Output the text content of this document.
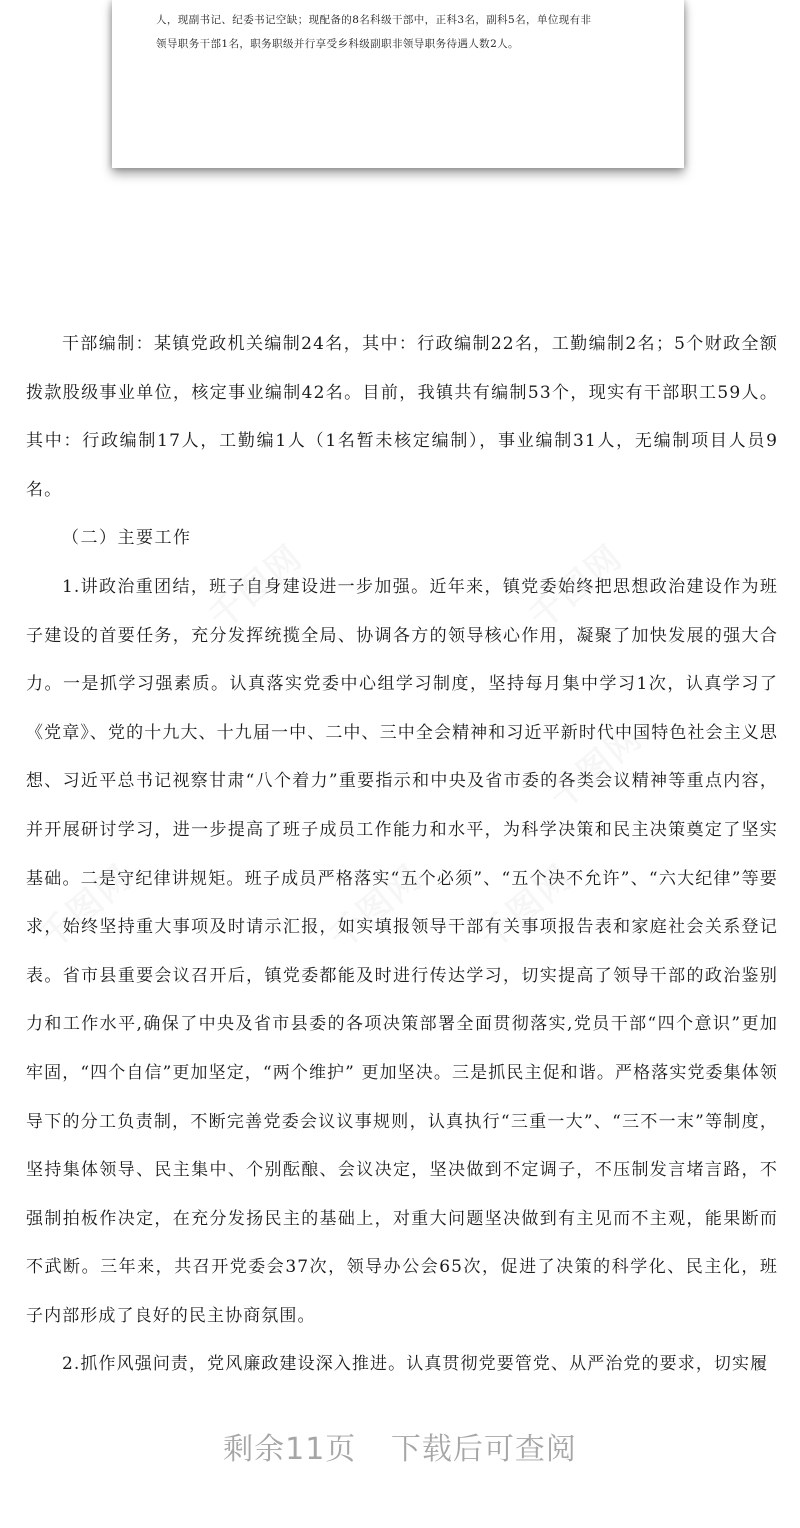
人，现副书记、纪委书记空缺；现配备的8名科级干部中，正科3名，副科5名，单位现有非
领导职务干部1名，职务职级并行享受乡科级副职非领导职务待遇人数2人。

干部编制：某镇党政机关编制24名，其中：行政编制22名，工勤编制2名；5个财政全额拨款股级事业单位，核定事业编制42名。目前，我镇共有编制53个，现实有干部职工59人。其中：行政编制17人，工勤编1人（1名暂未核定编制），事业编制31人，无编制项目人员9名。

（二）主要工作

1.讲政治重团结，班子自身建设进一步加强。近年来，镇党委始终把思想政治建设作为班子建设的首要任务，充分发挥统揽全局、协调各方的领导核心作用，凝聚了加快发展的强大合力。一是抓学习强素质。认真落实党委中心组学习制度，坚持每月集中学习1次，认真学习了《党章》、党的十九大、十九届一中、二中、三中全会精神和习近平新时代中国特色社会主义思想、习近平总书记视察甘肃“八个着力”重要指示和中央及省市委的各类会议精神等重点内容，并开展研讨学习，进一步提高了班子成员工作能力和水平，为科学决策和民主决策奠定了坚实基础。二是守纪律讲规矩。班子成员严格落实“五个必须”、“五个决不允许”、“六大纪律”等要求，始终坚持重大事项及时请示汇报，如实填报领导干部有关事项报告表和家庭社会关系登记表。省市县重要会议召开后，镇党委都能及时进行传达学习，切实提高了领导干部的政治鉴别力和工作水平,确保了中央及省市县委的各项决策部署全面贯彻落实,党员干部“四个意识”更加牢固，“四个自信”更加坚定，“两个维护” 更加坚决。三是抓民主促和谐。严格落实党委集体领导下的分工负责制，不断完善党委会议议事规则，认真执行“三重一大”、“三不一末”等制度，坚持集体领导、民主集中、个别酝酿、会议决定，坚决做到不定调子，不压制发言堵言路，不强制拍板作决定，在充分发扬民主的基础上，对重大问题坚决做到有主见而不主观，能果断而不武断。三年来，共召开党委会37次，领导办公会65次，促进了决策的科学化、民主化，班子内部形成了良好的民主协商氛围。

2.抓作风强问责，党风廉政建设深入推进。认真贯彻党要管党、从严治党的要求，切实履

千图网	千图网
千图网
千图网	千图网 千图网
剩余11页 下载后可查阅
